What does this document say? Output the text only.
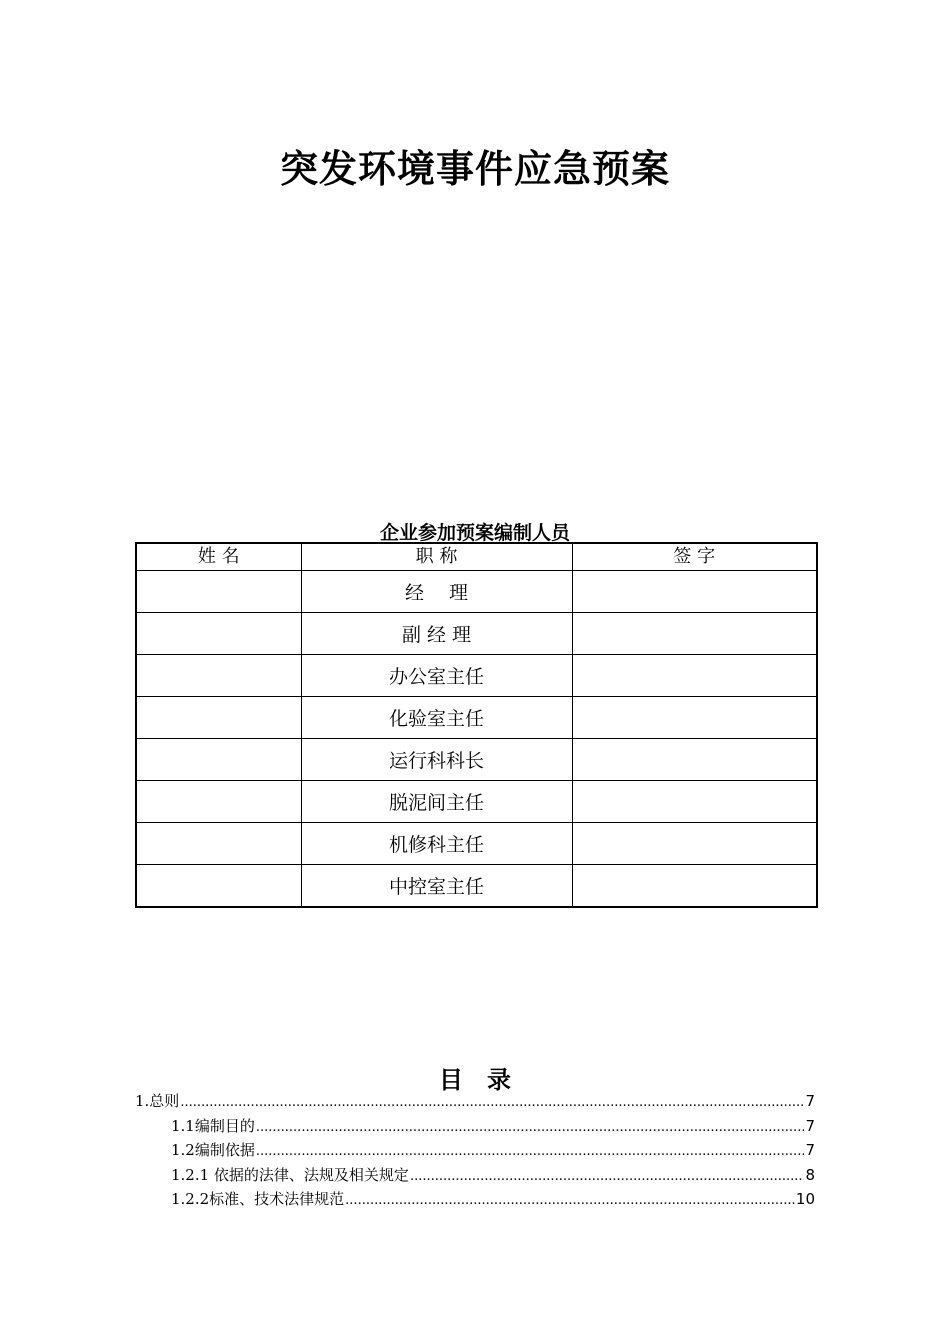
突发环境事件应急预案
企业参加预案编制人员
姓 名	职 称	签 字
	经　 理	
	副 经 理	
	办公室主任	
	化验室主任	
	运行科科长	
	脱泥间主任	
	机修科主任	
	中控室主任	
目　录
1.总则 .....	7
1.1编制目的 .....	7
1.2编制依据 .....	7
1.2.1 依据的法律、法规及相关规定 .....	8
1.2.2标准、技术法律规范 .....	10
